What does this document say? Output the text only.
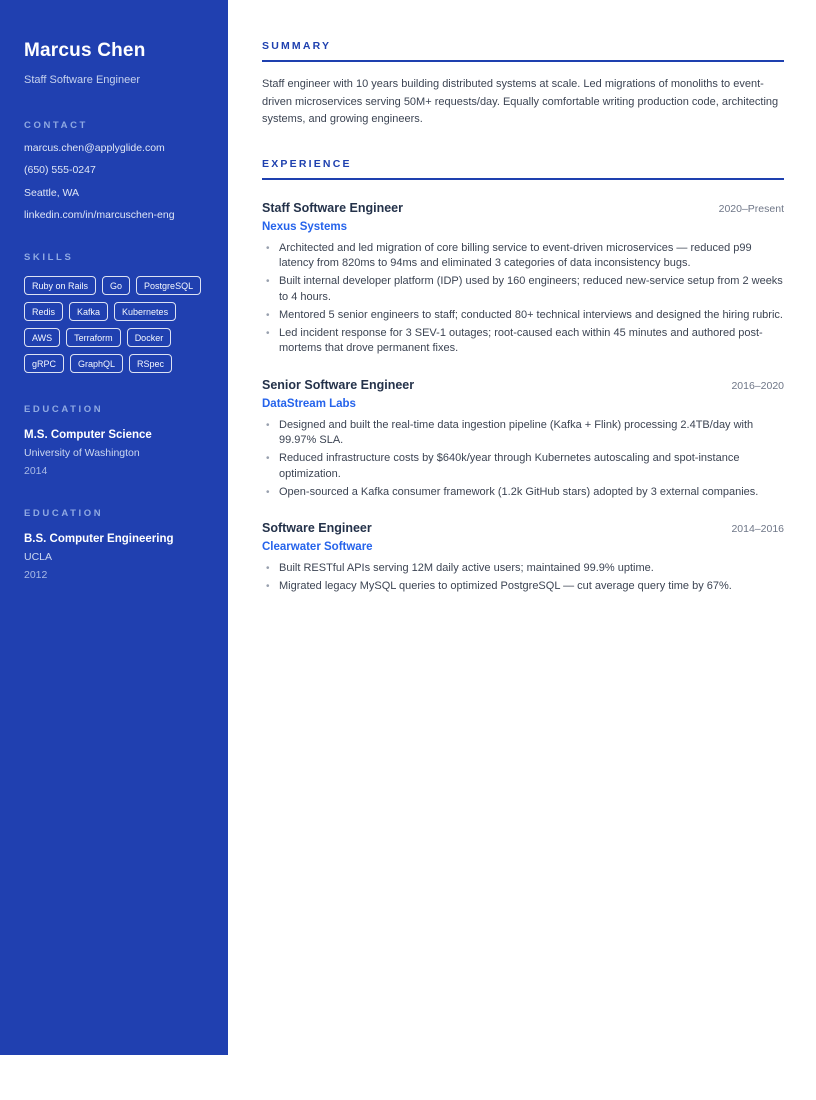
Marcus Chen
Staff Software Engineer
CONTACT
marcus.chen@applyglide.com
(650) 555-0247
Seattle, WA
linkedin.com/in/marcuschen-eng
SKILLS
Ruby on Rails	Go	PostgreSQL
Redis	Kafka	Kubernetes
AWS	Terraform	Docker
gRPC	GraphQL	RSpec
EDUCATION
M.S. Computer Science
University of Washington
2014
EDUCATION
B.S. Computer Engineering
UCLA
2012
SUMMARY

Staff engineer with 10 years building distributed systems at scale. Led migrations of monoliths to event-driven microservices serving 50M+ requests/day. Equally comfortable writing production code, architecting systems, and growing engineers.

EXPERIENCE
Staff Software Engineer	2020–Present
Nexus Systems
• Architected and led migration of core billing service to event-driven microservices — reduced p99 latency from 820ms to 94ms and eliminated 3 categories of data inconsistency bugs.
• Built internal developer platform (IDP) used by 160 engineers; reduced new-service setup from 2 weeks to 4 hours.
• Mentored 5 senior engineers to staff; conducted 80+ technical interviews and designed the hiring rubric.
• Led incident response for 3 SEV-1 outages; root-caused each within 45 minutes and authored post-mortems that drove permanent fixes.
Senior Software Engineer	2016–2020
DataStream Labs
• Designed and built the real-time data ingestion pipeline (Kafka + Flink) processing 2.4TB/day with 99.97% SLA.
• Reduced infrastructure costs by $640k/year through Kubernetes autoscaling and spot-instance optimization.
• Open-sourced a Kafka consumer framework (1.2k GitHub stars) adopted by 3 external companies.
Software Engineer	2014–2016
Clearwater Software
• Built RESTful APIs serving 12M daily active users; maintained 99.9% uptime.
• Migrated legacy MySQL queries to optimized PostgreSQL — cut average query time by 67%.
